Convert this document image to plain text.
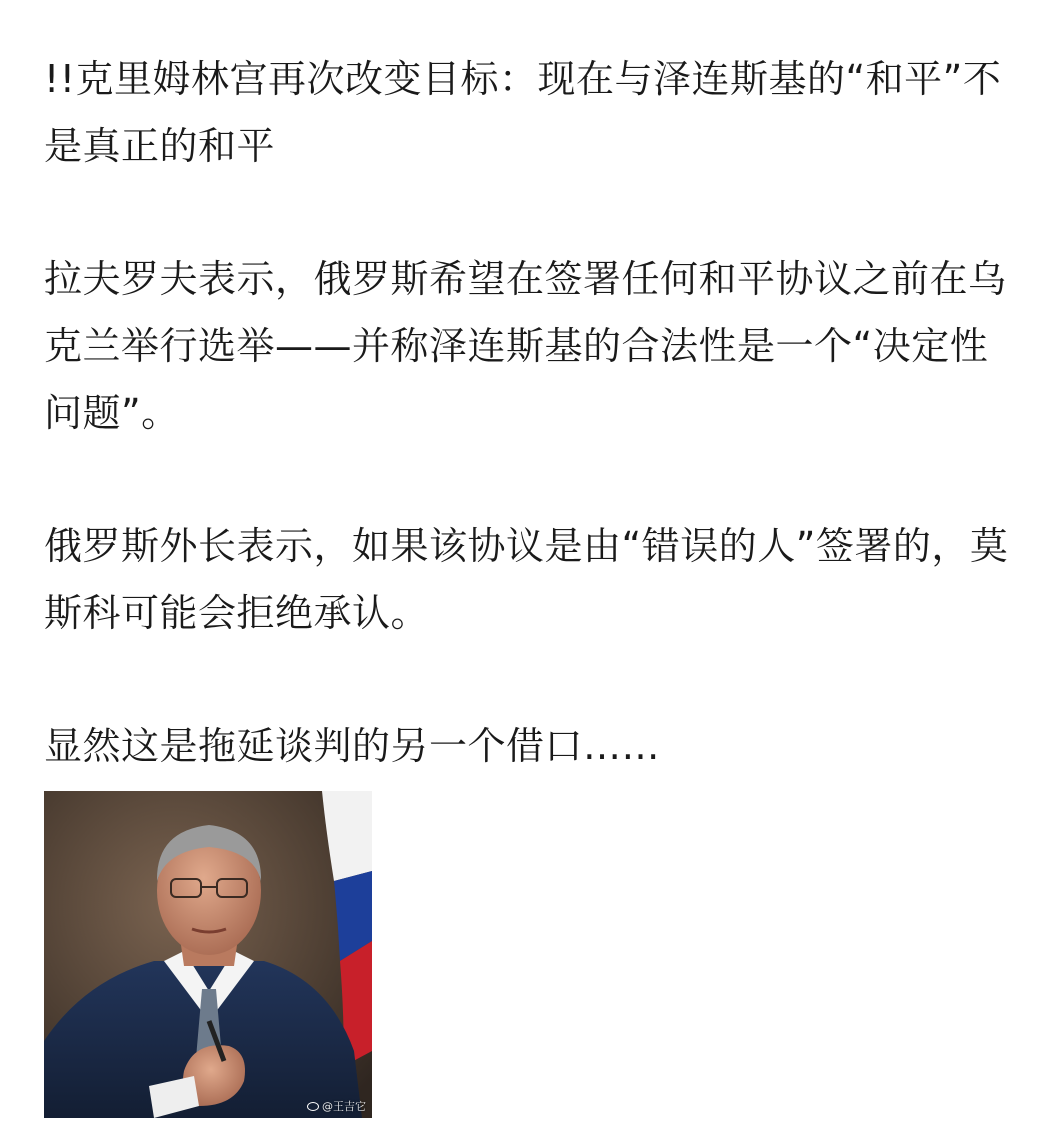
!!克里姆林宫再次改变目标：现在与泽连斯基的“和平”不是真正的和平

拉夫罗夫表示，俄罗斯希望在签署任何和平协议之前在乌克兰举行选举——并称泽连斯基的合法性是一个“决定性问题”。

俄罗斯外长表示，如果该协议是由“错误的人”签署的，莫斯科可能会拒绝承认。

显然这是拖延谈判的另一个借口……

@王吉它
